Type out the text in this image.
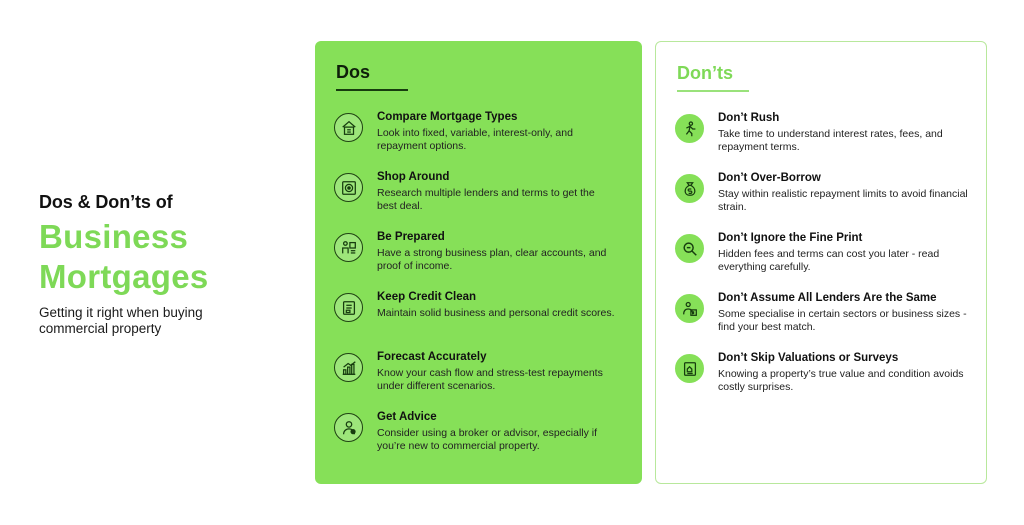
Dos & Don’ts of
Business
Mortgages
Getting it right when buying commercial property
Dos
Compare Mortgage Types
Look into fixed, variable, interest-only, and repayment options.
Shop Around
Research multiple lenders and terms to get the best deal.
Be Prepared
Have a strong business plan, clear accounts, and proof of income.
Keep Credit Clean
Maintain solid business and personal credit scores.
Forecast Accurately
Know your cash flow and stress-test repayments under different scenarios.
Get Advice
Consider using a broker or advisor, especially if you’re new to commercial property.
Don’ts
Don’t Rush
Take time to understand interest rates, fees, and repayment terms.
Don’t Over-Borrow
Stay within realistic repayment limits to avoid financial strain.
Don’t Ignore the Fine Print
Hidden fees and terms can cost you later - read everything carefully.
Don’t Assume All Lenders Are the Same
Some specialise in certain sectors or business sizes - find your best match.
Don’t Skip Valuations or Surveys
Knowing a property’s true value and condition avoids costly surprises.
